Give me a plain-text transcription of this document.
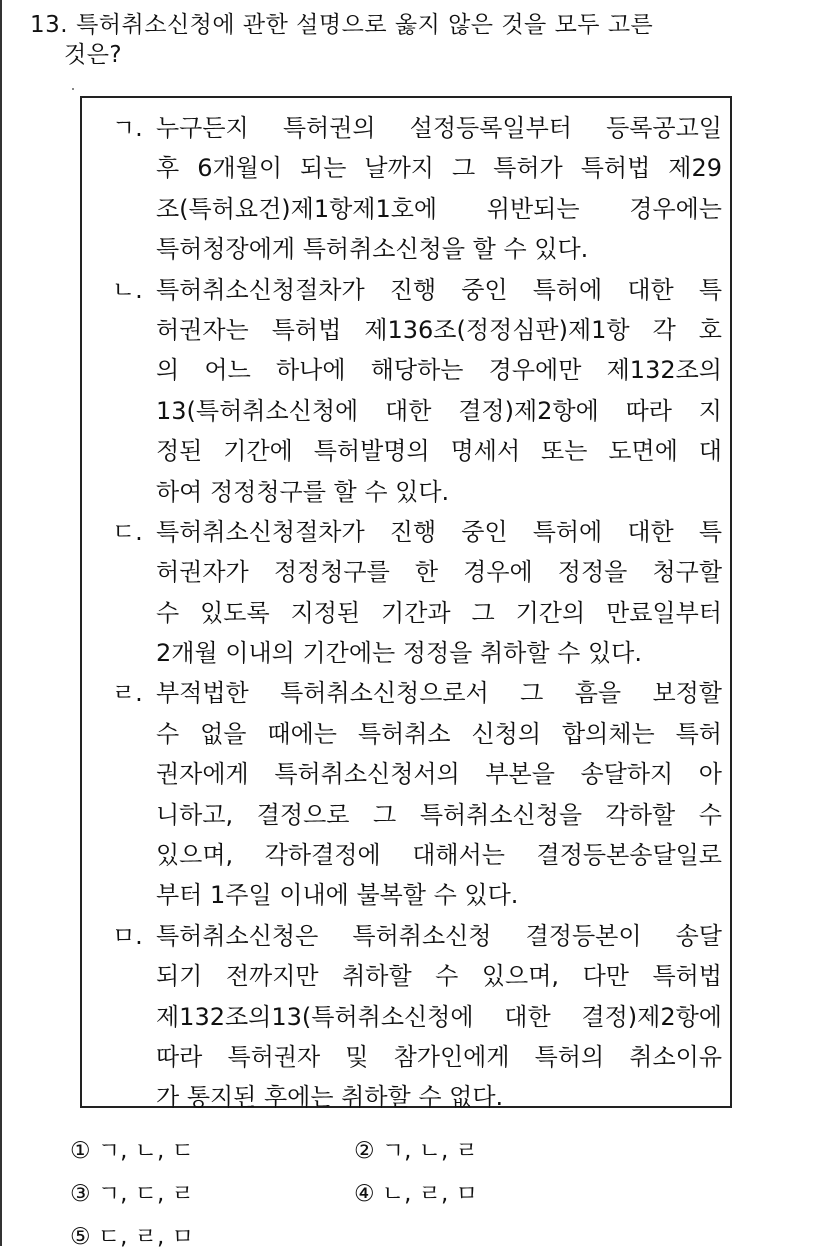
13. 특허취소신청에 관한 설명으로 옳지 않은 것을 모두 고른
것은?
ㄱ. 누구든지 특허권의 설정등록일부터 등록공고일
후 6개월이 되는 날까지 그 특허가 특허법 제29
조(특허요건)제1항제1호에 위반되는 경우에는
특허청장에게 특허취소신청을 할 수 있다.
ㄴ. 특허취소신청절차가 진행 중인 특허에 대한 특
허권자는 특허법 제136조(정정심판)제1항 각 호
의 어느 하나에 해당하는 경우에만 제132조의
13(특허취소신청에 대한 결정)제2항에 따라 지
정된 기간에 특허발명의 명세서 또는 도면에 대
하여 정정청구를 할 수 있다.
ㄷ. 특허취소신청절차가 진행 중인 특허에 대한 특
허권자가 정정청구를 한 경우에 정정을 청구할
수 있도록 지정된 기간과 그 기간의 만료일부터
2개월 이내의 기간에는 정정을 취하할 수 있다.
ㄹ. 부적법한 특허취소신청으로서 그 흠을 보정할
수 없을 때에는 특허취소 신청의 합의체는 특허
권자에게 특허취소신청서의 부본을 송달하지 아
니하고, 결정으로 그 특허취소신청을 각하할 수
있으며, 각하결정에 대해서는 결정등본송달일로
부터 1주일 이내에 불복할 수 있다.
ㅁ. 특허취소신청은 특허취소신청 결정등본이 송달
되기 전까지만 취하할 수 있으며, 다만 특허법
제132조의13(특허취소신청에 대한 결정)제2항에
따라 특허권자 및 참가인에게 특허의 취소이유
가 통지된 후에는 취하할 수 없다.
① ㄱ, ㄴ, ㄷ	② ㄱ, ㄴ, ㄹ
③ ㄱ, ㄷ, ㄹ	④ ㄴ, ㄹ, ㅁ
⑤ ㄷ, ㄹ, ㅁ
